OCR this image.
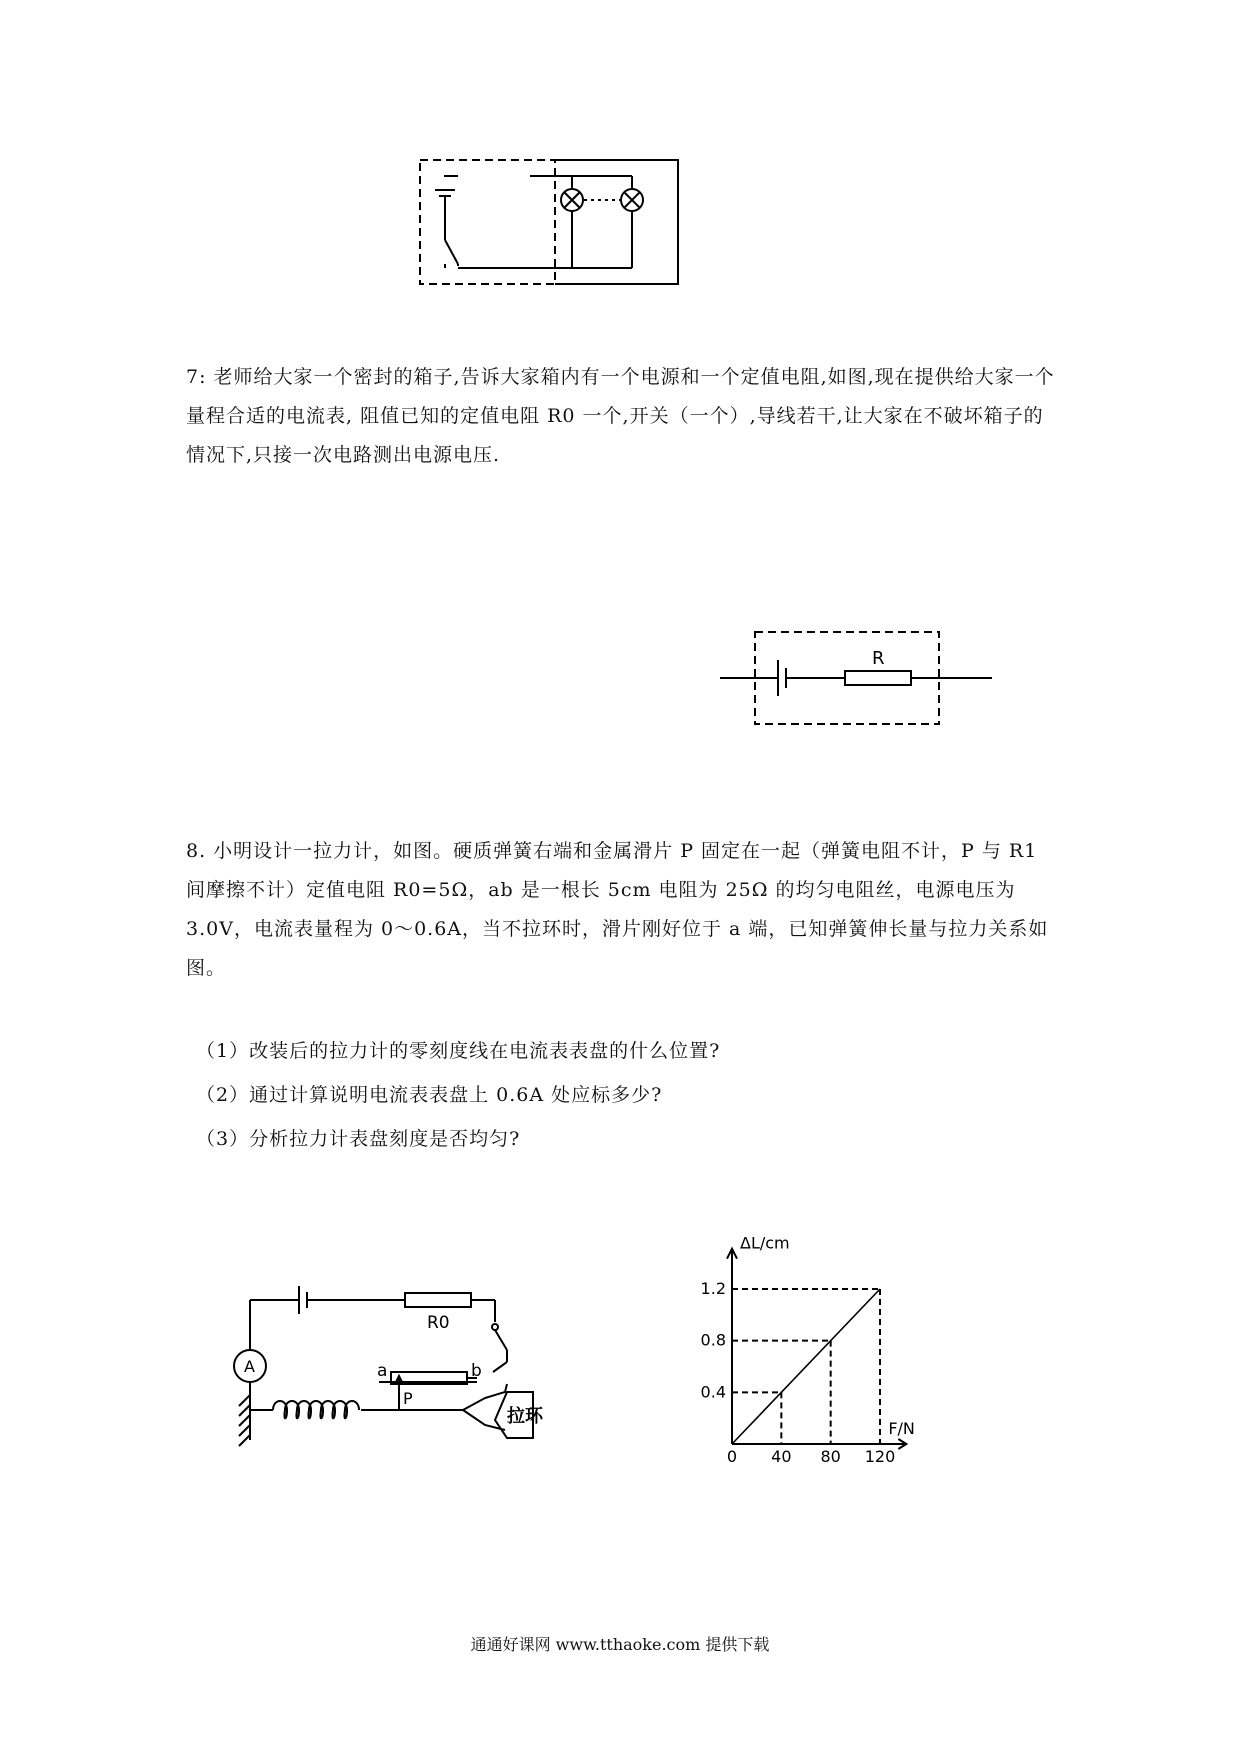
7: 老师给大家一个密封的箱子,告诉大家箱内有一个电源和一个定值电阻,如图,现在提供给大家一个量程合适的电流表, 阻值已知的定值电阻 R0 一个,开关（一个）,导线若干,让大家在不破坏箱子的情况下,只接一次电路测出电源电压.
R
8. 小明设计一拉力计，如图。硬质弹簧右端和金属滑片 P 固定在一起（弹簧电阻不计，P 与 R1 间摩擦不计）定值电阻 R0=5Ω，ab 是一根长 5cm 电阻为 25Ω 的均匀电阻丝，电源电压为 3.0V，电流表量程为 0～0.6A，当不拉环时，滑片刚好位于 a 端，已知弹簧伸长量与拉力关系如图。
（1）改装后的拉力计的零刻度线在电流表表盘的什么位置?
（2）通过计算说明电流表表盘上 0.6A 处应标多少?
（3）分析拉力计表盘刻度是否均匀?
A
R0
a	b
P
拉环
0 40 80 120
0.4
0.8
1.2
F/N
ΔL/cm
通通好课网 www.tthaoke.com 提供下载
